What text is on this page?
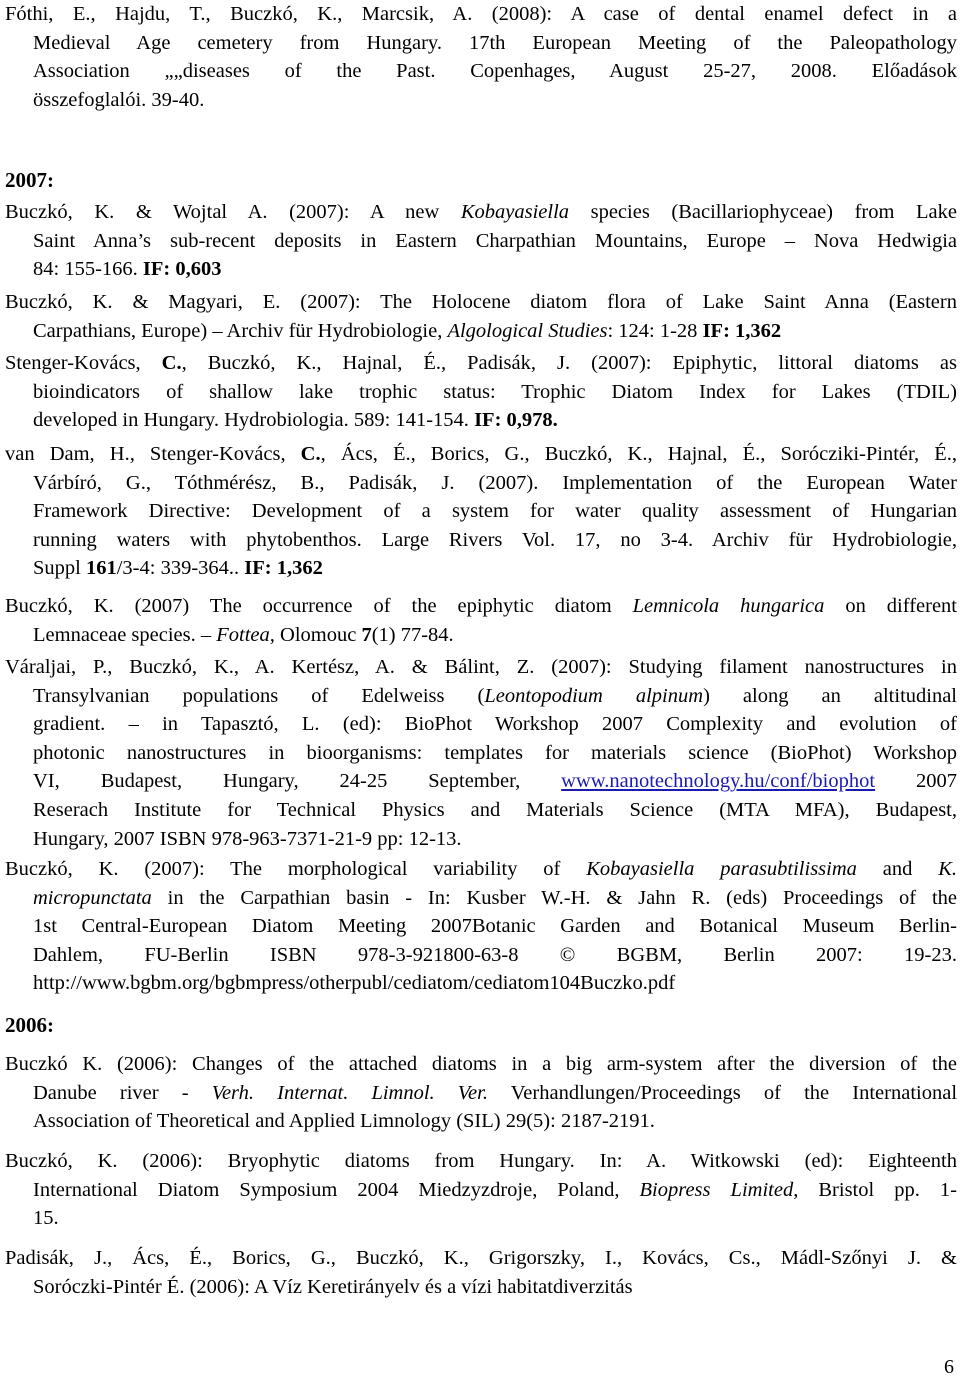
Fóthi, E., Hajdu, T., Buczkó, K., Marcsik, A. (2008): A case of dental enamel defect in a
Medieval Age cemetery from Hungary. 17th European Meeting of the Paleopathology
Association „„diseases of the Past. Copenhages, August 25-27, 2008. Előadások
összefoglalói. 39-40.
2007:
Buczkó, K. & Wojtal A. (2007): A new Kobayasiella species (Bacillariophyceae) from Lake
Saint Anna’s sub-recent deposits in Eastern Charpathian Mountains, Europe – Nova Hedwigia
84: 155-166. IF: 0,603
Buczkó, K. & Magyari, E. (2007): The Holocene diatom flora of Lake Saint Anna (Eastern
Carpathians, Europe) – Archiv für Hydrobiologie, Algological Studies: 124: 1-28 IF: 1,362
Stenger-Kovács, C., Buczkó, K., Hajnal, É., Padisák, J. (2007): Epiphytic, littoral diatoms as
bioindicators of shallow lake trophic status: Trophic Diatom Index for Lakes (TDIL)
developed in Hungary. Hydrobiologia. 589: 141-154. IF: 0,978.
van Dam, H., Stenger-Kovács, C., Ács, É., Borics, G., Buczkó, K., Hajnal, É., Sorócziki-Pintér, É.,
Várbíró, G., Tóthmérész, B., Padisák, J. (2007). Implementation of the European Water
Framework Directive: Development of a system for water quality assessment of Hungarian
running waters with phytobenthos. Large Rivers Vol. 17, no 3-4. Archiv für Hydrobiologie,
Suppl 161/3-4: 339-364.. IF: 1,362
Buczkó, K. (2007) The occurrence of the epiphytic diatom Lemnicola hungarica on different
Lemnaceae species. – Fottea, Olomouc 7(1) 77-84.
Váraljai, P., Buczkó, K., A. Kertész, A. & Bálint, Z. (2007): Studying filament nanostructures in
Transylvanian populations of Edelweiss (Leontopodium alpinum) along an altitudinal
gradient. – in Tapasztó, L. (ed): BioPhot Workshop 2007 Complexity and evolution of
photonic nanostructures in bioorganisms: templates for materials science (BioPhot) Workshop
VI, Budapest, Hungary, 24-25 September, www.nanotechnology.hu/conf/biophot 2007
Reserach Institute for Technical Physics and Materials Science (MTA MFA), Budapest,
Hungary, 2007 ISBN 978-963-7371-21-9 pp: 12-13.
Buczkó, K. (2007): The morphological variability of Kobayasiella parasubtilissima and K.
micropunctata in the Carpathian basin - In: Kusber W.-H. & Jahn R. (eds) Proceedings of the
1st Central-European Diatom Meeting 2007Botanic Garden and Botanical Museum Berlin-
Dahlem, FU-Berlin ISBN 978-3-921800-63-8 © BGBM, Berlin 2007: 19-23.
http://www.bgbm.org/bgbmpress/otherpubl/cediatom/cediatom104Buczko.pdf
2006:
Buczkó K. (2006): Changes of the attached diatoms in a big arm-system after the diversion of the
Danube river - Verh. Internat. Limnol. Ver. Verhandlungen/Proceedings of the International
Association of Theoretical and Applied Limnology (SIL) 29(5): 2187-2191.
Buczkó, K. (2006): Bryophytic diatoms from Hungary. In: A. Witkowski (ed): Eighteenth
International Diatom Symposium 2004 Miedzyzdroje, Poland, Biopress Limited, Bristol pp. 1-
15.
Padisák, J., Ács, É., Borics, G., Buczkó, K., Grigorszky, I., Kovács, Cs., Mádl-Szőnyi J. &
Soróczki-Pintér É. (2006): A Víz Keretirányelv és a vízi habitatdiverzitás
6
